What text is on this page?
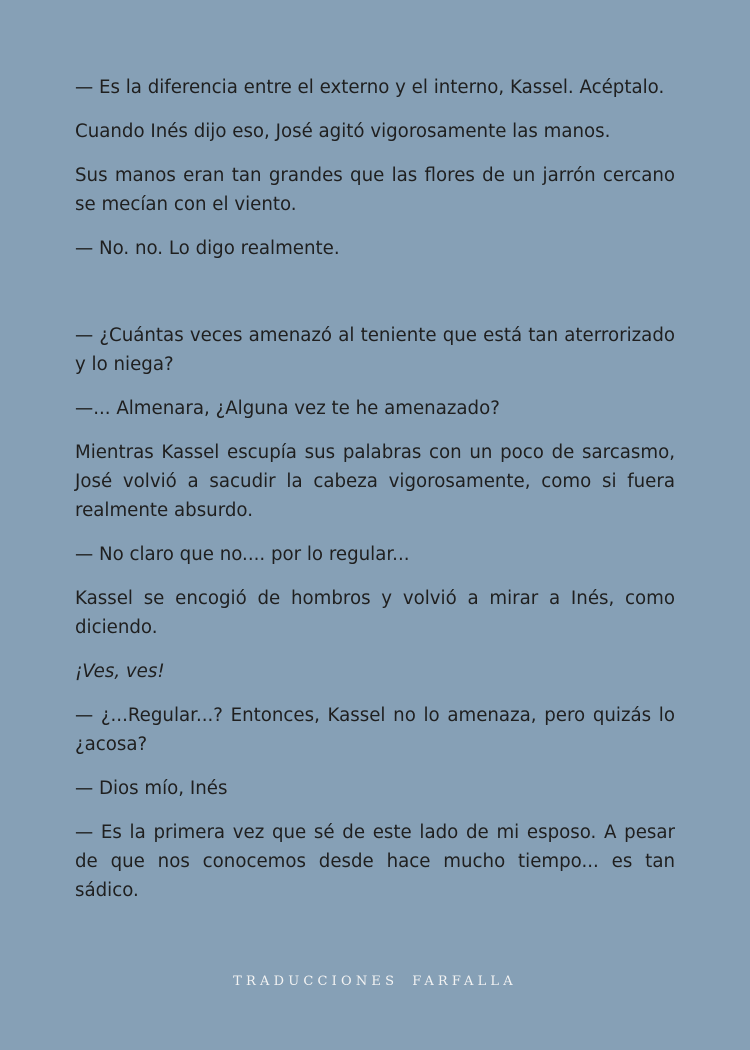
— Es la diferencia entre el externo y el interno, Kassel. Acéptalo.

Cuando Inés dijo eso, José agitó vigorosamente las manos.

Sus manos eran tan grandes que las flores de un jarrón cercano se mecían con el viento.

— No. no. Lo digo realmente.

— ¿Cuántas veces amenazó al teniente que está tan aterrorizado y lo niega?

—... Almenara, ¿Alguna vez te he amenazado?

Mientras Kassel escupía sus palabras con un poco de sarcasmo, José volvió a sacudir la cabeza vigorosamente, como si fuera realmente absurdo.

— No claro que no.... por lo regular...

Kassel se encogió de hombros y volvió a mirar a Inés, como diciendo.

¡Ves, ves!

— ¿...Regular...? Entonces, Kassel no lo amenaza, pero quizás lo ¿acosa?

— Dios mío, Inés

— Es la primera vez que sé de este lado de mi esposo. A pesar de que nos conocemos desde hace mucho tiempo... es tan sádico.

TRADUCCIONES FARFALLA
